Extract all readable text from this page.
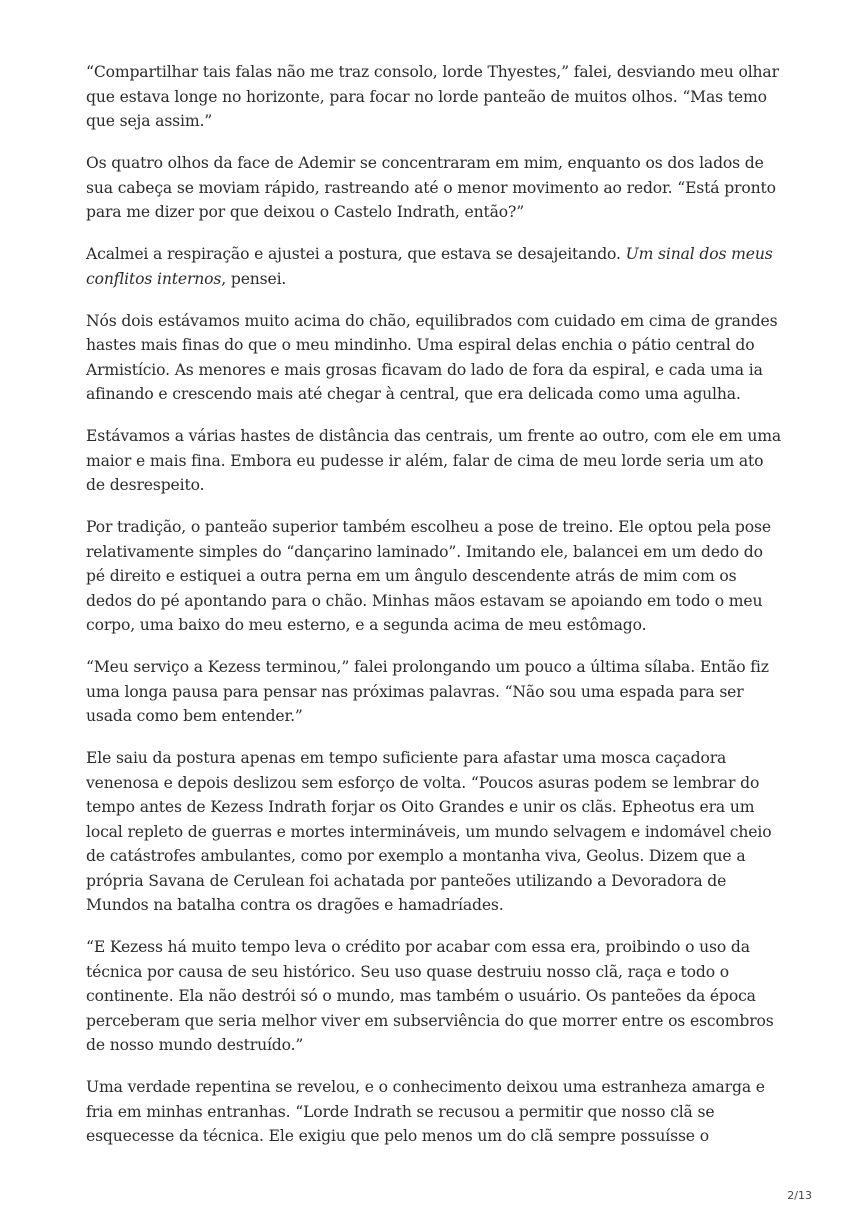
“Compartilhar tais falas não me traz consolo, lorde Thyestes,” falei, desviando meu olhar que estava longe no horizonte, para focar no lorde panteão de muitos olhos. “Mas temo que seja assim.”

Os quatro olhos da face de Ademir se concentraram em mim, enquanto os dos lados de sua cabeça se moviam rápido, rastreando até o menor movimento ao redor. “Está pronto para me dizer por que deixou o Castelo Indrath, então?”

Acalmei a respiração e ajustei a postura, que estava se desajeitando. Um sinal dos meus conflitos internos, pensei.

Nós dois estávamos muito acima do chão, equilibrados com cuidado em cima de grandes hastes mais finas do que o meu mindinho. Uma espiral delas enchia o pátio central do Armistício. As menores e mais grosas ficavam do lado de fora da espiral, e cada uma ia afinando e crescendo mais até chegar à central, que era delicada como uma agulha.

Estávamos a várias hastes de distância das centrais, um frente ao outro, com ele em uma maior e mais fina. Embora eu pudesse ir além, falar de cima de meu lorde seria um ato de desrespeito.

Por tradição, o panteão superior também escolheu a pose de treino. Ele optou pela pose relativamente simples do “dançarino laminado”. Imitando ele, balancei em um dedo do pé direito e estiquei a outra perna em um ângulo descendente atrás de mim com os dedos do pé apontando para o chão. Minhas mãos estavam se apoiando em todo o meu corpo, uma baixo do meu esterno, e a segunda acima de meu estômago.

“Meu serviço a Kezess terminou,” falei prolongando um pouco a última sílaba. Então fiz uma longa pausa para pensar nas próximas palavras. “Não sou uma espada para ser usada como bem entender.”

Ele saiu da postura apenas em tempo suficiente para afastar uma mosca caçadora venenosa e depois deslizou sem esforço de volta. “Poucos asuras podem se lembrar do tempo antes de Kezess Indrath forjar os Oito Grandes e unir os clãs. Epheotus era um local repleto de guerras e mortes intermináveis, um mundo selvagem e indomável cheio de catástrofes ambulantes, como por exemplo a montanha viva, Geolus. Dizem que a própria Savana de Cerulean foi achatada por panteões utilizando a Devoradora de Mundos na batalha contra os dragões e hamadríades.

“E Kezess há muito tempo leva o crédito por acabar com essa era, proibindo o uso da técnica por causa de seu histórico. Seu uso quase destruiu nosso clã, raça e todo o continente. Ela não destrói só o mundo, mas também o usuário. Os panteões da época perceberam que seria melhor viver em subserviência do que morrer entre os escombros de nosso mundo destruído.”

Uma verdade repentina se revelou, e o conhecimento deixou uma estranheza amarga e fria em minhas entranhas. “Lorde Indrath se recusou a permitir que nosso clã se esquecesse da técnica. Ele exigiu que pelo menos um do clã sempre possuísse o

2/13
